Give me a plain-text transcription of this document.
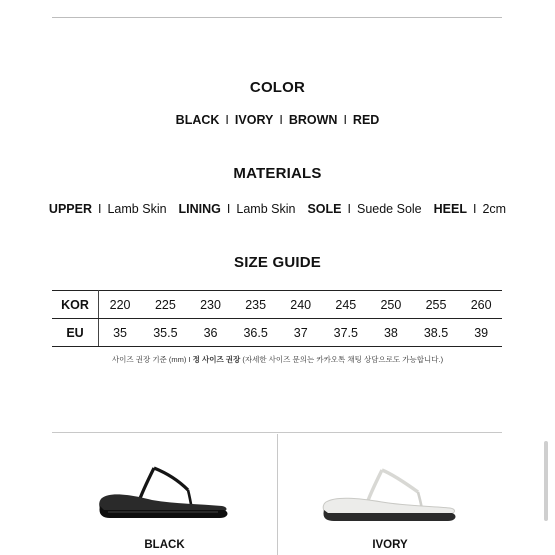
COLOR
BLACK I IVORY I BROWN I RED
MATERIALS
UPPER I Lamb Skin LINING I Lamb Skin SOLE I Suede Sole HEEL I 2cm
SIZE GUIDE
KOR	220	225	230	235	240	245	250	255	260
EU	35	35.5	36	36.5	37	37.5	38	38.5	39
사이즈 권장 기준 (mm) I 정 사이즈 권장 (자세한 사이즈 문의는 카카오톡 채팅 상담으로도 가능합니다.)
BLACK	IVORY
